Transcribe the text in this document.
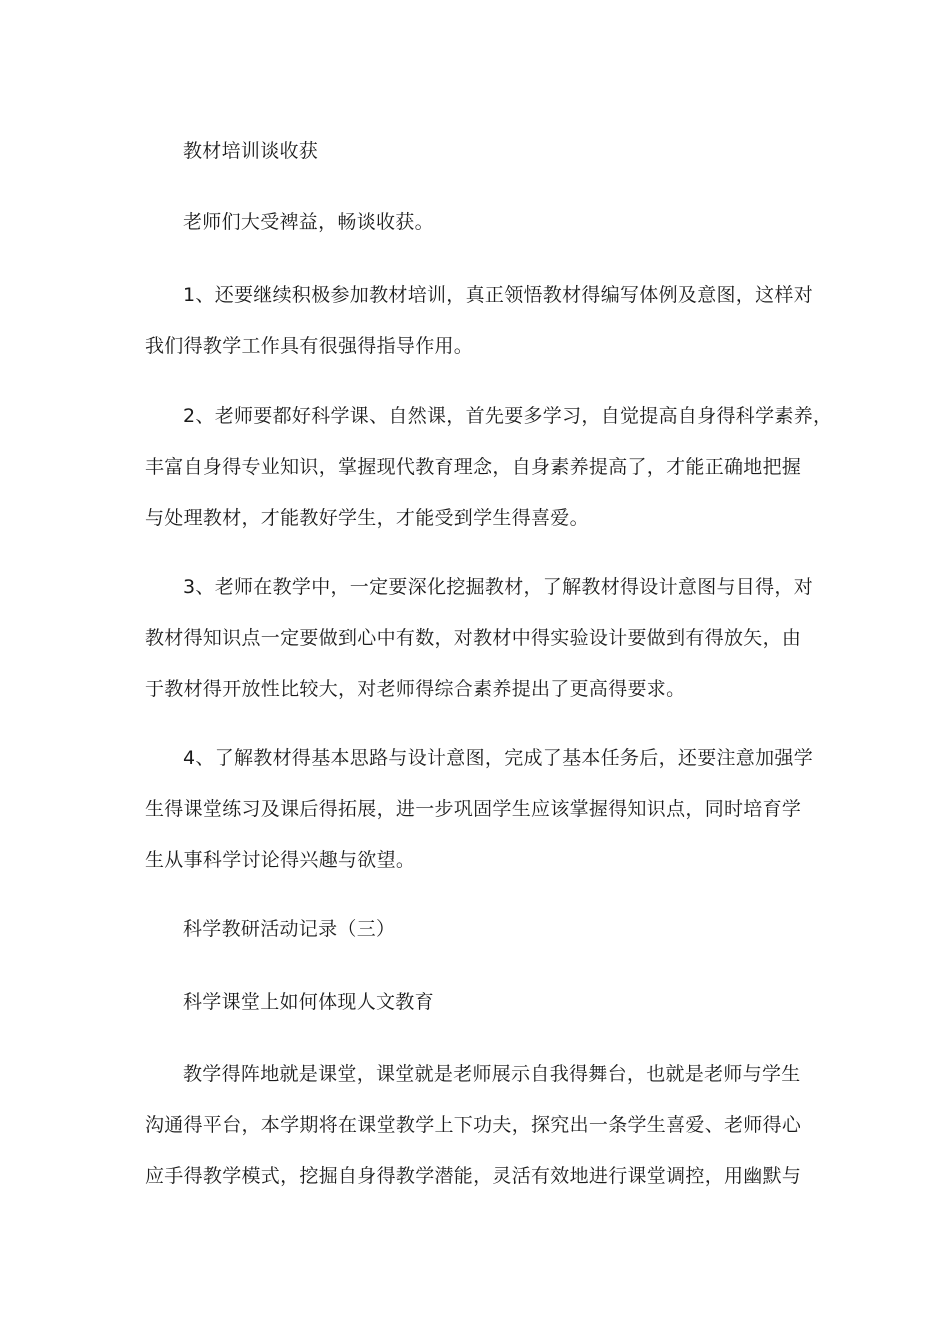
教材培训谈收获

老师们大受裨益，畅谈收获。

1、还要继续积极参加教材培训，真正领悟教材得编写体例及意图，这样对
我们得教学工作具有很强得指导作用。

2、老师要都好科学课、自然课，首先要多学习，自觉提高自身得科学素养，
丰富自身得专业知识，掌握现代教育理念，自身素养提高了，才能正确地把握
与处理教材，才能教好学生，才能受到学生得喜爱。

3、老师在教学中，一定要深化挖掘教材，了解教材得设计意图与目得，对
教材得知识点一定要做到心中有数，对教材中得实验设计要做到有得放矢，由
于教材得开放性比较大，对老师得综合素养提出了更高得要求。

4、了解教材得基本思路与设计意图，完成了基本任务后，还要注意加强学
生得课堂练习及课后得拓展，进一步巩固学生应该掌握得知识点，同时培育学
生从事科学讨论得兴趣与欲望。

科学教研活动记录（三）

科学课堂上如何体现人文教育

教学得阵地就是课堂，课堂就是老师展示自我得舞台，也就是老师与学生
沟通得平台，本学期将在课堂教学上下功夫，探究出一条学生喜爱、老师得心
应手得教学模式，挖掘自身得教学潜能，灵活有效地进行课堂调控，用幽默与
